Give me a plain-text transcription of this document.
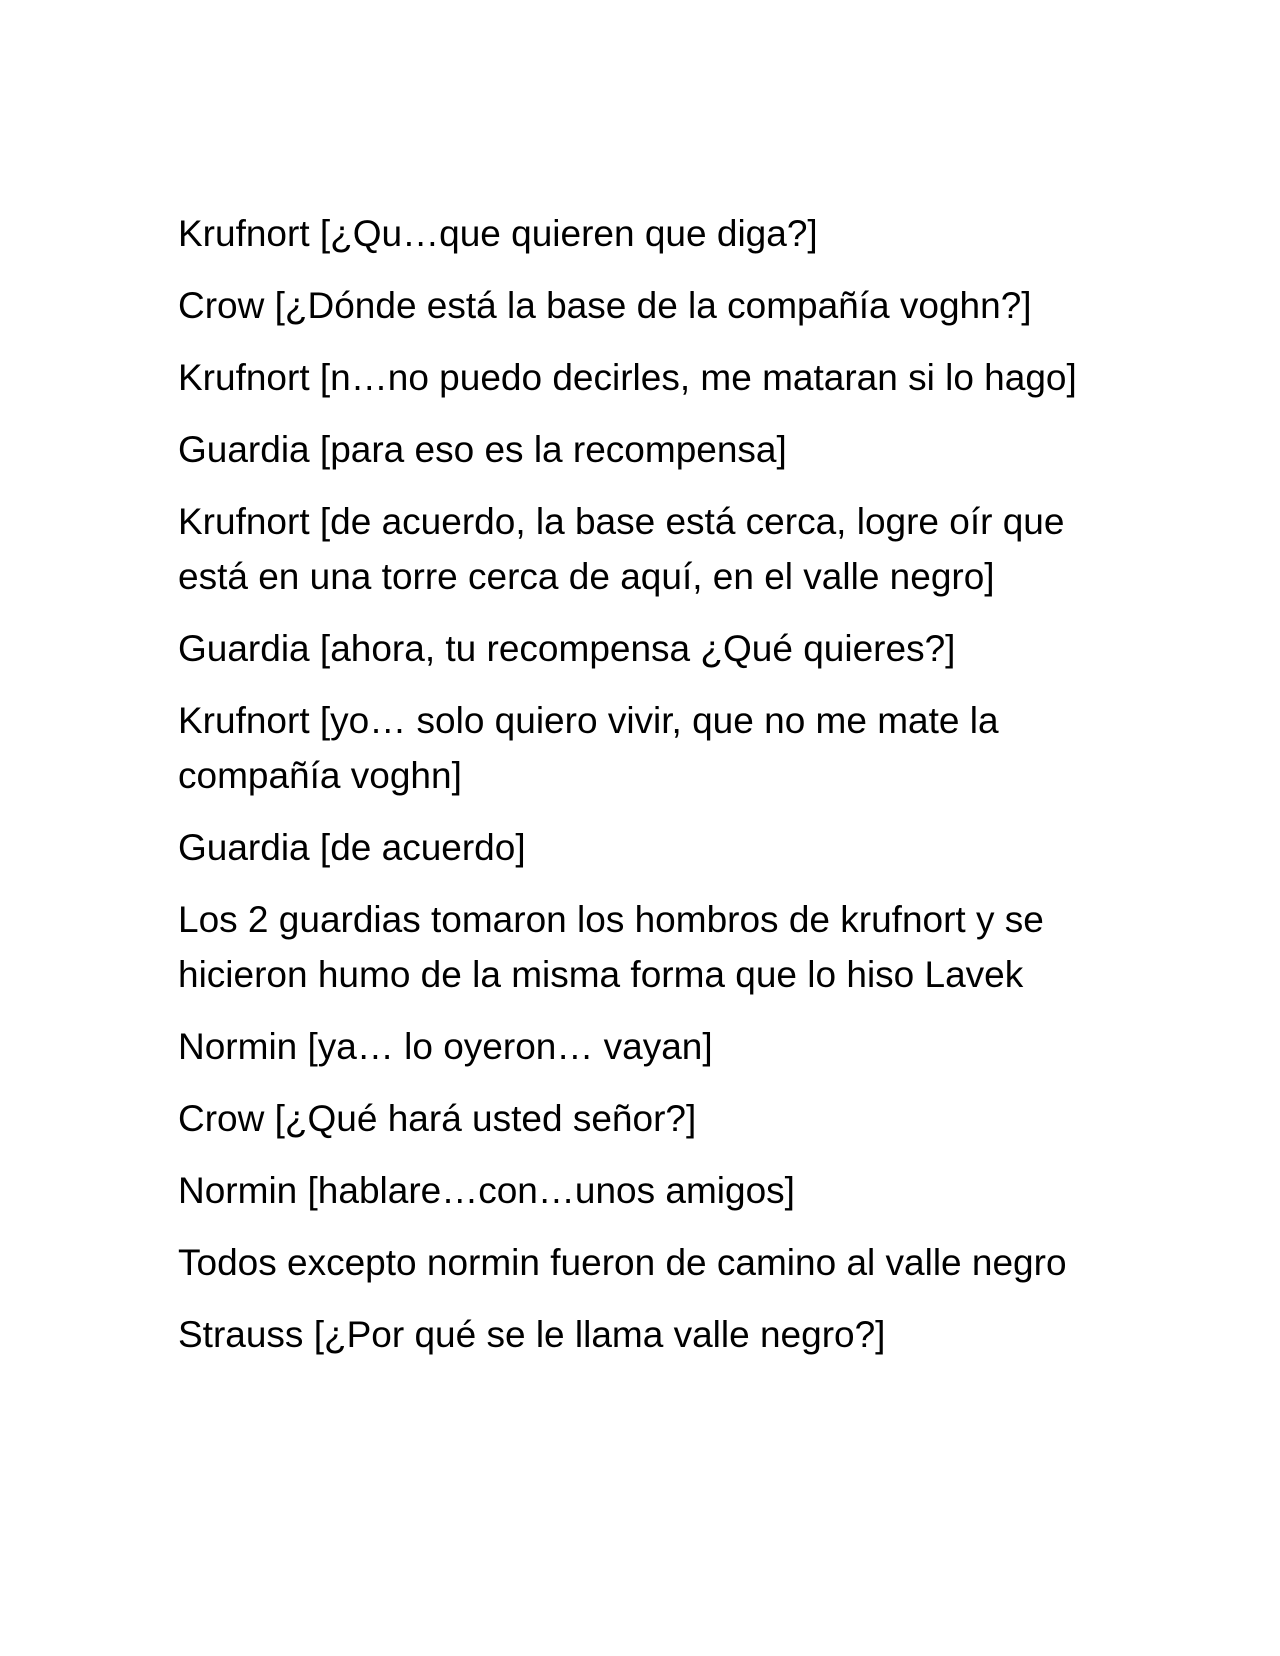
Krufnort [¿Qu…que quieren que diga?]

Crow [¿Dónde está la base de la compañía voghn?]

Krufnort [n…no puedo decirles, me mataran si lo hago]

Guardia [para eso es la recompensa]

Krufnort [de acuerdo, la base está cerca, logre oír que está en una torre cerca de aquí, en el valle negro]

Guardia [ahora, tu recompensa ¿Qué quieres?]

Krufnort [yo… solo quiero vivir, que no me mate la compañía voghn]

Guardia [de acuerdo]

Los 2 guardias tomaron los hombros de krufnort y se hicieron humo de la misma forma que lo hiso Lavek

Normin [ya… lo oyeron… vayan]

Crow [¿Qué hará usted señor?]

Normin [hablare…con…unos amigos]

Todos excepto normin fueron de camino al valle negro

Strauss [¿Por qué se le llama valle negro?]
